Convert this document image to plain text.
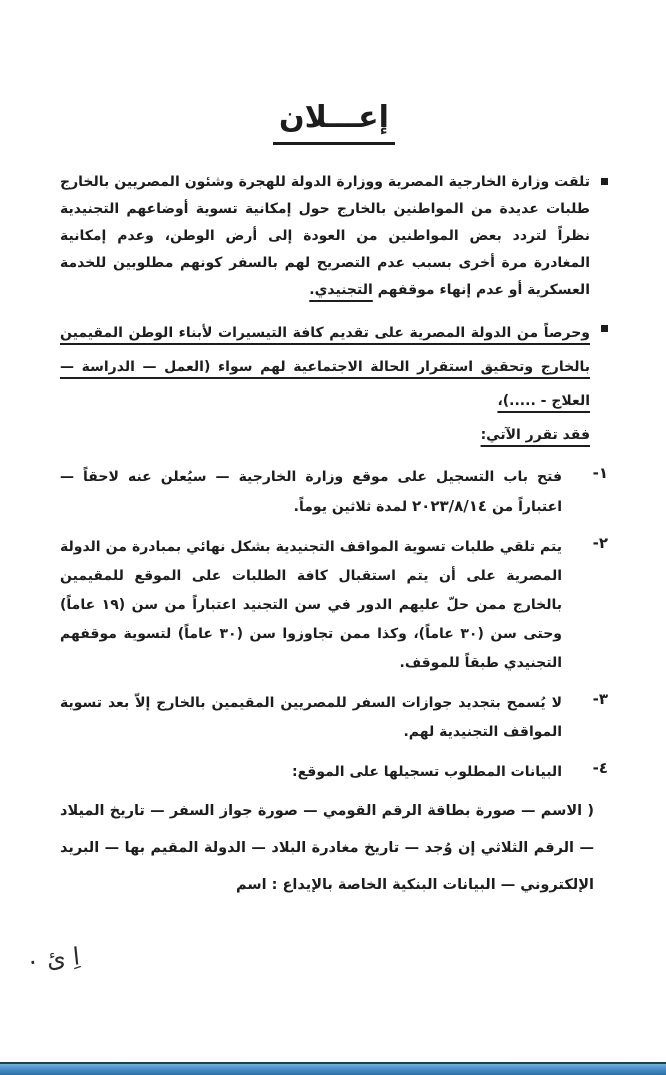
إعـــلان
تلقت وزارة الخارجية المصرية ووزارة الدولة للهجرة وشئون المصريين بالخارج طلبات عديدة من المواطنين بالخارج حول إمكانية تسوية أوضاعهم التجنيدية نظراً لتردد بعض المواطنين من العودة إلى أرض الوطن، وعدم إمكانية المغادرة مرة أخرى بسبب عدم التصريح لهم بالسفر كونهم مطلوبين للخدمة العسكرية أو عدم إنهاء موقفهم التجنيدي.
وحرصاً من الدولة المصرية على تقديم كافة التيسيرات لأبناء الوطن المقيمين بالخارج وتحقيق استقرار الحالة الاجتماعية لهم سواء (العمل — الدراسة — العلاج - .....)،
فقد تقرر الآتي:
١-
فتح باب التسجيل على موقع وزارة الخارجية — سيُعلن عنه لاحقاً — اعتباراً من ٢٠٢٣/٨/١٤ لمدة ثلاثين يوماً.
٢-
يتم تلقي طلبات تسوية المواقف التجنيدية بشكل نهائي بمبادرة من الدولة المصرية على أن يتم استقبال كافة الطلبات على الموقع للمقيمين بالخارج ممن حلّ عليهم الدور في سن التجنيد اعتباراً من سن (١٩ عاماً) وحتى سن (٣٠ عاماً)، وكذا ممن تجاوزوا سن (٣٠ عاماً) لتسوية موقفهم التجنيدي طبقاً للموقف.
٣-
لا يُسمح بتجديد جوازات السفر للمصريين المقيمين بالخارج إلاّ بعد تسوية المواقف التجنيدية لهم.
٤-
البيانات المطلوب تسجيلها على الموقع:
( الاسم — صورة بطاقة الرقم القومي — صورة جواز السفر — تاريخ الميلاد — الرقم الثلاثي إن وُجد — تاريخ مغادرة البلاد — الدولة المقيم بها — البريد الإلكتروني — البيانات البنكية الخاصة بالإيداع : اسم
اِ ئ ٠
